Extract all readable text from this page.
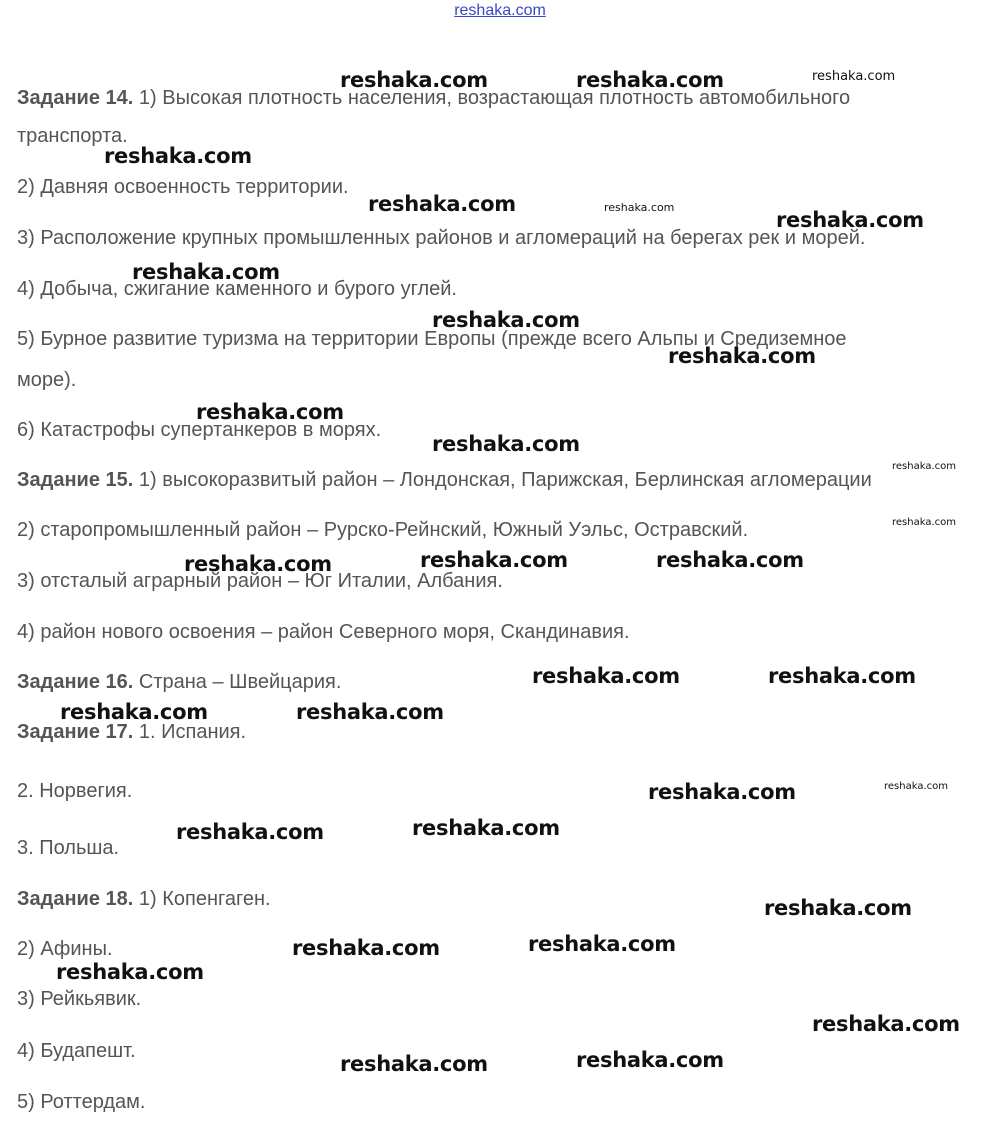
reshaka.com
Задание 14. 1) Высокая плотность населения, возрастающая плотность автомобильного
транспорта.
2) Давняя освоенность территории.
3) Расположение крупных промышленных районов и агломераций на берегах рек и морей.
4) Добыча, сжигание каменного и бурого углей.
5) Бурное развитие туризма на территории Европы (прежде всего Альпы и Средиземное
море).
6) Катастрофы супертанкеров в морях.
Задание 15. 1) высокоразвитый район – Лондонская, Парижская, Берлинская агломерации
2) старопромышленный район – Рурско-Рейнский, Южный Уэльс, Остравский.
3) отсталый аграрный район – Юг Италии, Албания.
4) район нового освоения – район Северного моря, Скандинавия.
Задание 16. Страна – Швейцария.
Задание 17. 1. Испания.
2. Норвегия.
3. Польша.
Задание 18. 1) Копенгаген.
2) Афины.
3) Рейкьявик.
4) Будапешт.
5) Роттердам.
reshaka.com	reshaka.com	reshaka.com
reshaka.com
reshaka.com	reshaka.com
reshaka.com
reshaka.com
reshaka.com
reshaka.com
reshaka.com
reshaka.com
reshaka.com
reshaka.com
reshaka.com	reshaka.com	reshaka.com
reshaka.com	reshaka.com
reshaka.com	reshaka.com
reshaka.com	reshaka.com
reshaka.com	reshaka.com
reshaka.com
reshaka.com	reshaka.com
reshaka.com
reshaka.com
reshaka.com	reshaka.com
